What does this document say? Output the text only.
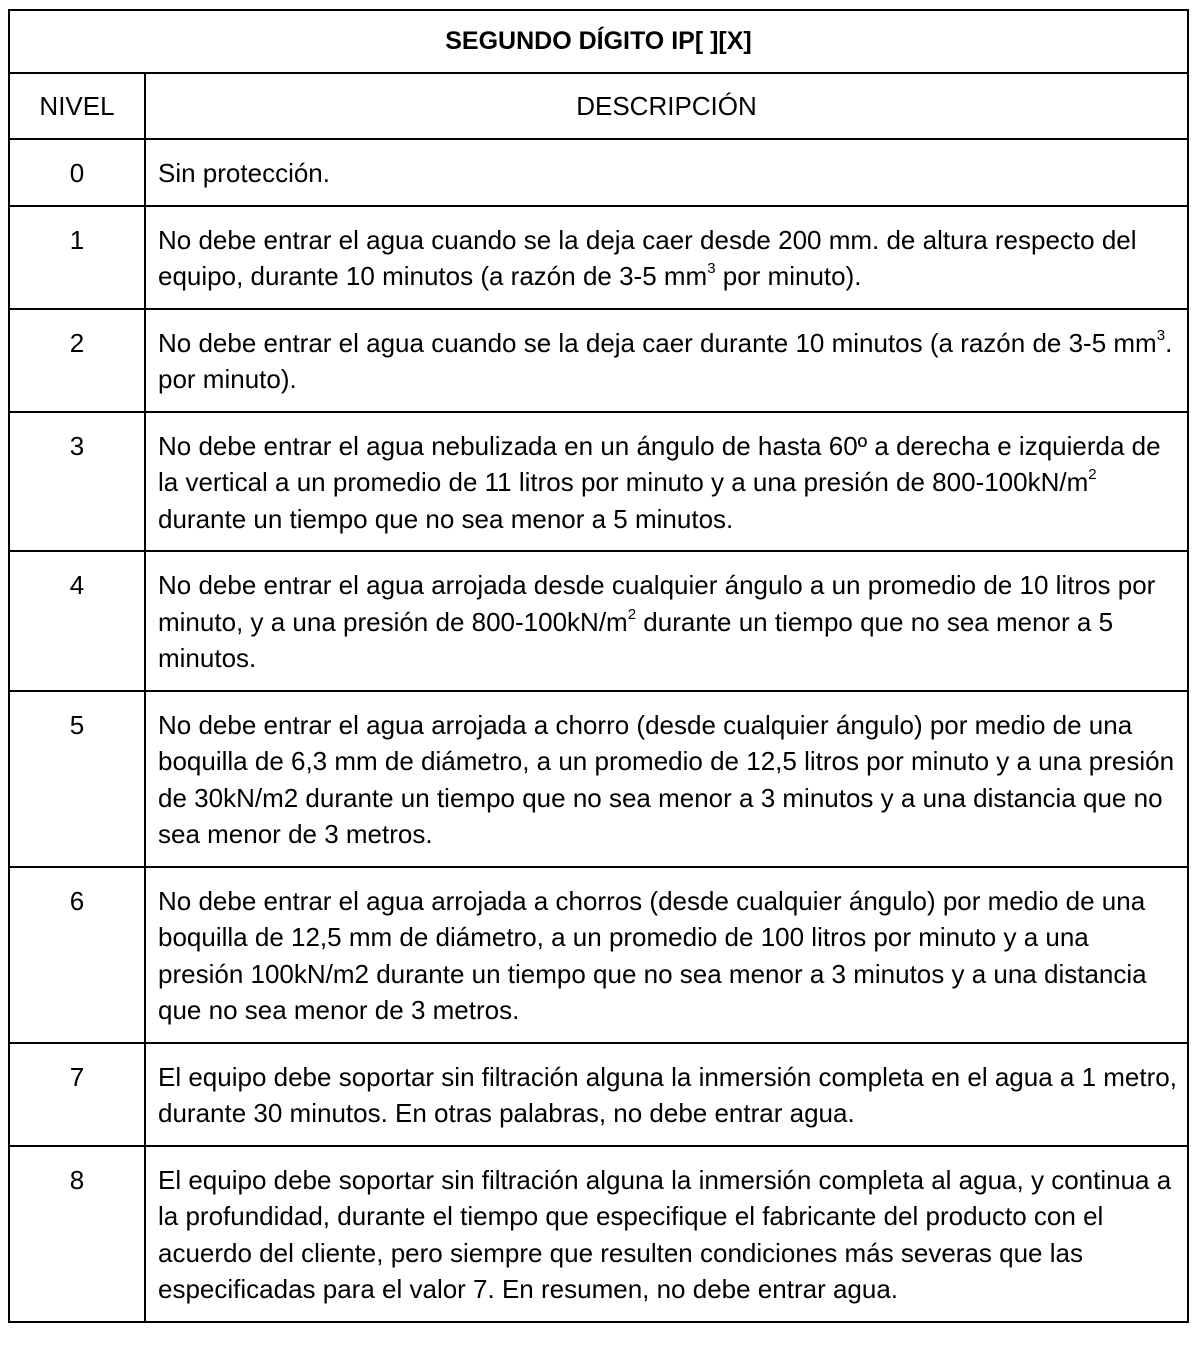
SEGUNDO DÍGITO IP[ ][X]	
NIVEL	DESCRIPCIÓN
0	Sin protección.
1	No debe entrar el agua cuando se la deja caer desde 200 mm. de altura respecto del equipo, durante 10 minutos (a razón de 3-5 $mm^3$ por minuto).
2	No debe entrar el agua cuando se la deja caer durante 10 minutos (a razón de 3-5 $mm^3$. por minuto).
3	No debe entrar el agua nebulizada en un ángulo de hasta 60º a derecha e izquierda de la vertical a un promedio de 11 litros por minuto y a una presión de $800-100kN/m^2$ durante un tiempo que no sea menor a 5 minutos.
4	No debe entrar el agua arrojada desde cualquier ángulo a un promedio de 10 litros por minuto, y a una presión de $800-100kN/m^2$ durante un tiempo que no sea menor a 5 minutos.
5	No debe entrar el agua arrojada a chorro (desde cualquier ángulo) por medio de una boquilla de 6,3 mm de diámetro, a un promedio de 12,5 litros por minuto y a una presión de 30kN/m2 durante un tiempo que no sea menor a 3 minutos y a una distancia que no sea menor de 3 metros.
6	No debe entrar el agua arrojada a chorros (desde cualquier ángulo) por medio de una boquilla de 12,5 mm de diámetro, a un promedio de 100 litros por minuto y a una presión 100kN/m2 durante un tiempo que no sea menor a 3 minutos y a una distancia que no sea menor de 3 metros.
7	El equipo debe soportar sin filtración alguna la inmersión completa en el agua a 1 metro, durante 30 minutos. En otras palabras, no debe entrar agua.
8	El equipo debe soportar sin filtración alguna la inmersión completa al agua, y continua a la profundidad, durante el tiempo que especifique el fabricante del producto con el acuerdo del cliente, pero siempre que resulten condiciones más severas que las especificadas para el valor 7. En resumen, no debe entrar agua.
